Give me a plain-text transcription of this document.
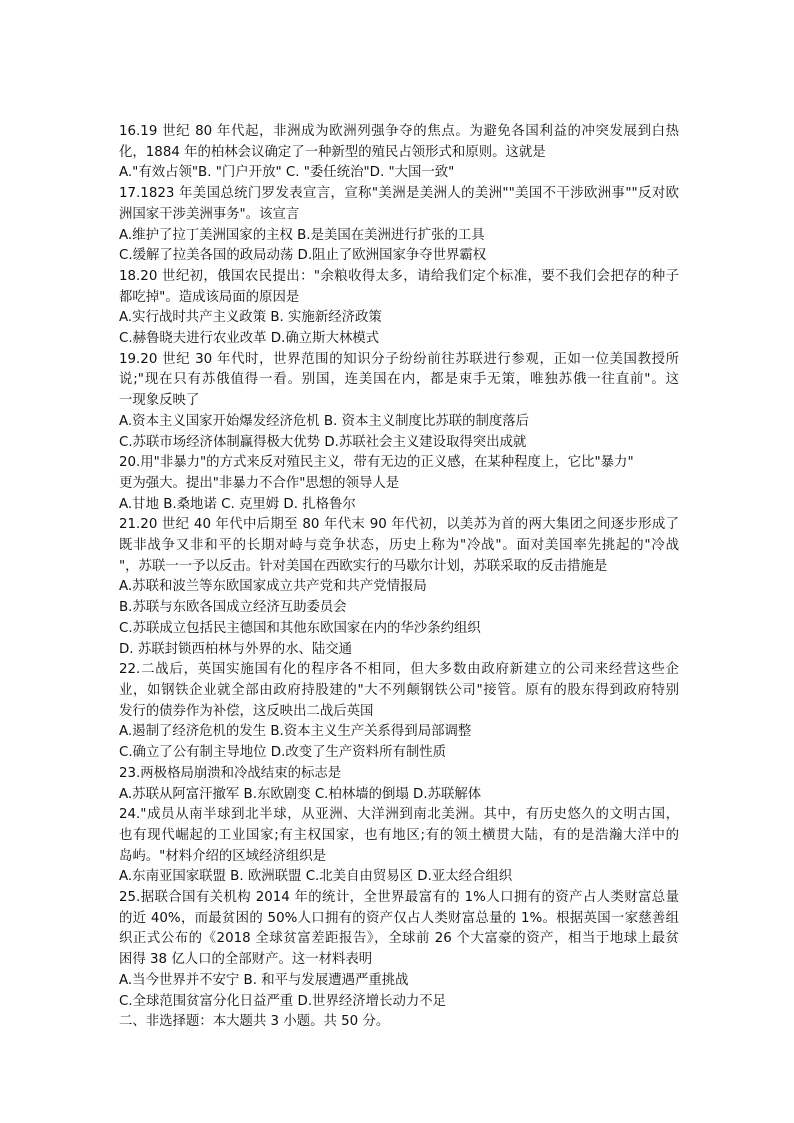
16.19 世纪 80 年代起，非洲成为欧洲列强争夺的焦点。为避免各国利益的冲突发展到白热
化，1884 年的柏林会议确定了一种新型的殖民占领形式和原则。这就是
A."有效占领"B. "门户开放" C. "委任统治"D. "大国一致"
17.1823 年美国总统门罗发表宣言，宣称"美洲是美洲人的美洲""美国不干涉欧洲事""反对欧
洲国家干涉美洲事务"。该宣言
A.维护了拉丁美洲国家的主权 B.是美国在美洲进行扩张的工具
C.缓解了拉美各国的政局动荡 D.阻止了欧洲国家争夺世界霸权
18.20 世纪初，俄国农民提出："余粮收得太多，请给我们定个标准，要不我们会把存的种子
都吃掉"。造成该局面的原因是
A.实行战时共产主义政策 B. 实施新经济政策
C.赫鲁晓夫进行农业改革 D.确立斯大林模式
19.20 世纪 30 年代时，世界范围的知识分子纷纷前往苏联进行参观，正如一位美国教授所
说;"现在只有苏俄值得一看。别国，连美国在内，都是束手无策，唯独苏俄一往直前"。这
一现象反映了
A.资本主义国家开始爆发经济危机 B. 资本主义制度比苏联的制度落后
C.苏联市场经济体制赢得极大优势 D.苏联社会主义建设取得突出成就
20.用"非暴力"的方式来反对殖民主义，带有无边的正义感，在某种程度上，它比"暴力"
更为强大。提出"非暴力不合作"思想的领导人是
A.甘地 B.桑地诺 C. 克里姆 D. 扎格鲁尔
21.20 世纪 40 年代中后期至 80 年代末 90 年代初，以美苏为首的两大集团之间逐步形成了
既非战争又非和平的长期对峙与竞争状态，历史上称为"冷战"。面对美国率先挑起的"冷战
"，苏联一一予以反击。针对美国在西欧实行的马歇尔计划，苏联采取的反击措施是
A.苏联和波兰等东欧国家成立共产党和共产党情报局
B.苏联与东欧各国成立经济互助委员会
C.苏联成立包括民主德国和其他东欧国家在内的华沙条约组织
D. 苏联封锁西柏林与外界的水、陆交通
22.二战后，英国实施国有化的程序各不相同，但大多数由政府新建立的公司来经营这些企
业，如钢铁企业就全部由政府持股建的"大不列颠钢铁公司"接管。原有的股东得到政府特别
发行的债券作为补偿，这反映出二战后英国
A.遏制了经济危机的发生 B.资本主义生产关系得到局部调整
C.确立了公有制主导地位 D.改变了生产资料所有制性质
23.两极格局崩溃和冷战结束的标志是
A.苏联从阿富汗撤军 B.东欧剧变 C.柏林墙的倒塌 D.苏联解体
24."成员从南半球到北半球，从亚洲、大洋洲到南北美洲。其中，有历史悠久的文明古国，
也有现代崛起的工业国家;有主权国家，也有地区;有的领土横贯大陆，有的是浩瀚大洋中的
岛屿。"材料介绍的区域经济组织是
A.东南亚国家联盟 B. 欧洲联盟 C.北美自由贸易区 D.亚太经合组织
25.据联合国有关机构 2014 年的统计，全世界最富有的 1%人口拥有的资产占人类财富总量
的近 40%，而最贫困的 50%人口拥有的资产仅占人类财富总量的 1%。根据英国一家慈善组
织正式公布的《2018 全球贫富差距报告》，全球前 26 个大富豪的资产，相当于地球上最贫
困得 38 亿人口的全部财产。这一材料表明
A.当今世界并不安宁 B. 和平与发展遭遇严重挑战
C.全球范围贫富分化日益严重 D.世界经济增长动力不足
二、非选择题：本大题共 3 小题。共 50 分。
